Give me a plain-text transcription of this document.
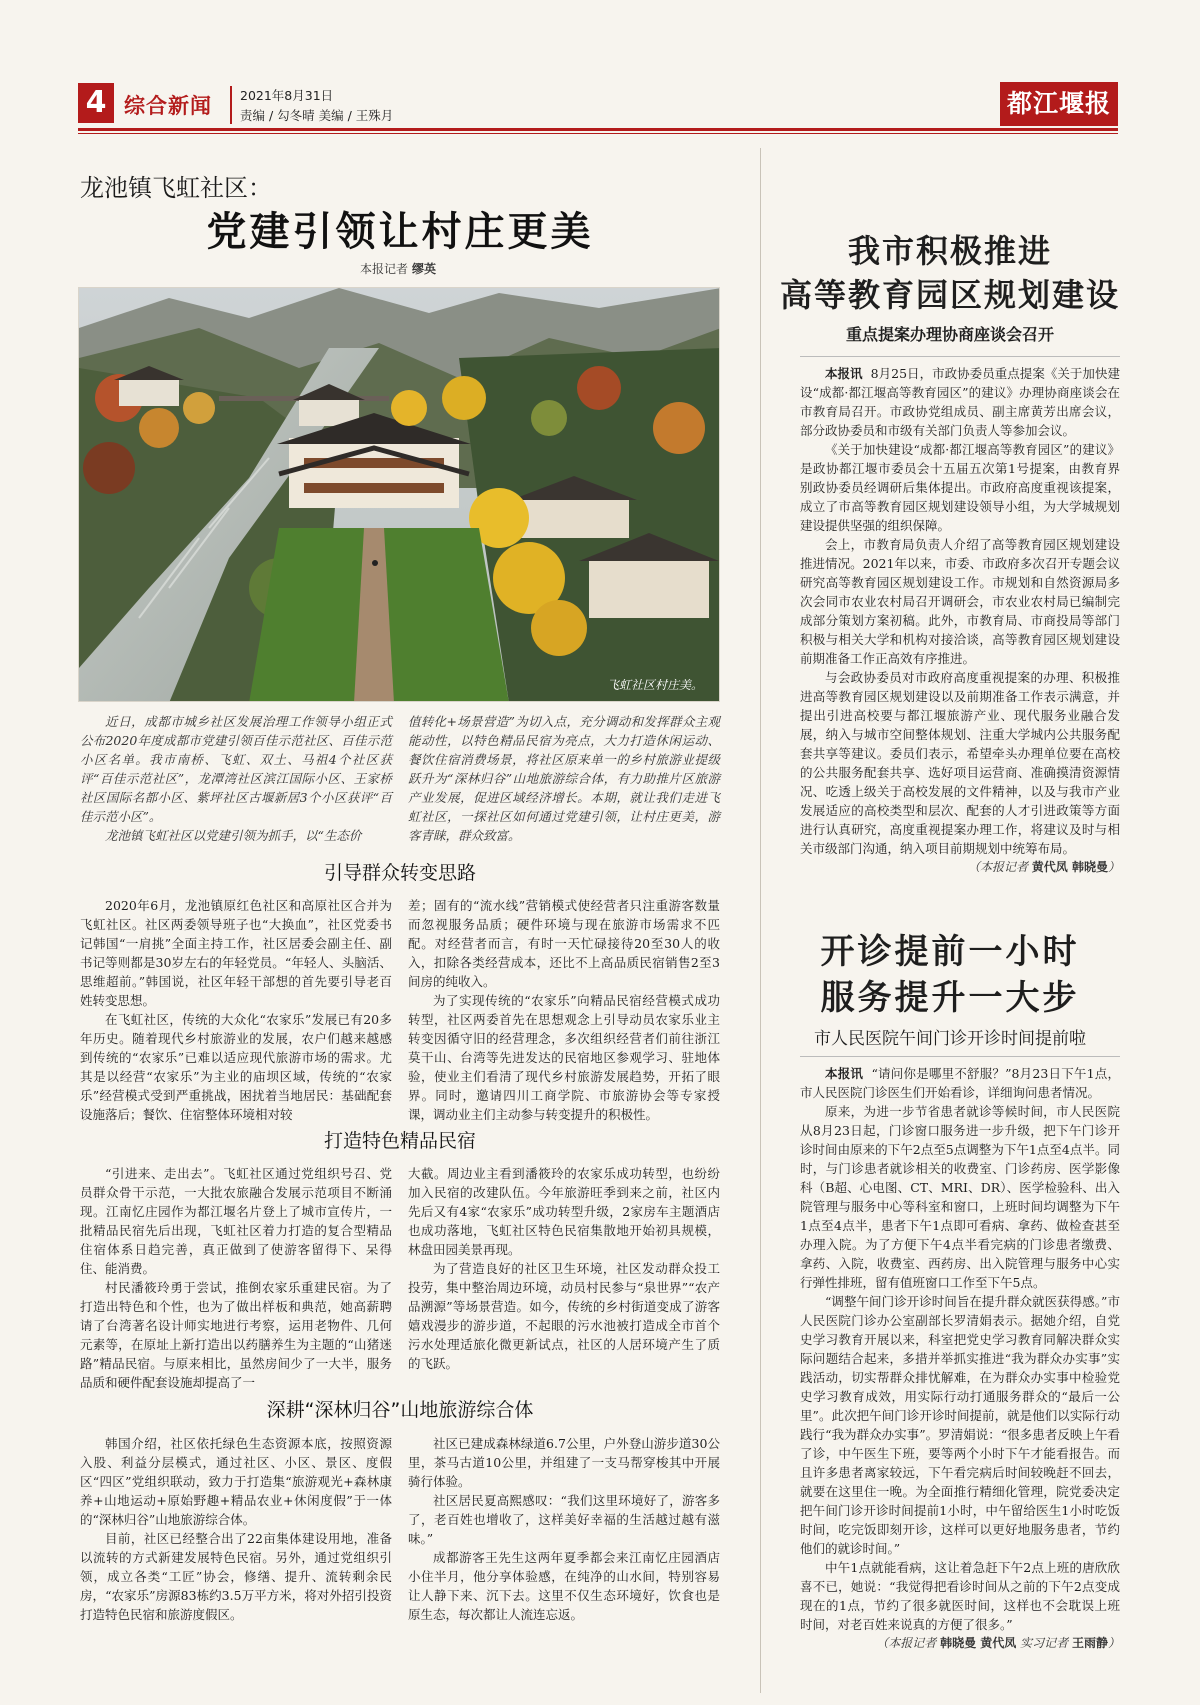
4 综合新闻 2021年8月31日
责编 / 勾冬晴 美编 / 王殊月	都江堰报
龙池镇飞虹社区：
党建引领让村庄更美
本报记者 缪英
飞虹社区村庄美。

近日，成都市城乡社区发展治理工作领导小组正式公布2020年度成都市党建引领百佳示范社区、百佳示范小区名单。我市南桥、飞虹、双土、马祖4个社区获评“百佳示范社区”，龙潭湾社区滨江国际小区、王家桥社区国际名都小区、紫坪社区古堰新居3个小区获评“百佳示范小区”。

龙池镇飞虹社区以党建引领为抓手，以“生态价

值转化+场景营造”为切入点，充分调动和发挥群众主观能动性，以特色精品民宿为亮点，大力打造休闲运动、餐饮住宿消费场景，将社区原来单一的乡村旅游业提级跃升为“深林归谷”山地旅游综合体，有力助推片区旅游产业发展，促进区域经济增长。本期，就让我们走进飞虹社区，一探社区如何通过党建引领，让村庄更美，游客青睐，群众致富。

引导群众转变思路

2020年6月，龙池镇原红色社区和高原社区合并为飞虹社区。社区两委领导班子也“大换血”，社区党委书记韩国“一肩挑”全面主持工作，社区居委会副主任、副书记等则都是30岁左右的年轻党员。“年轻人、头脑活、思维超前。”韩国说，社区年轻干部想的首先要引导老百姓转变思想。

在飞虹社区，传统的大众化“农家乐”发展已有20多年历史。随着现代乡村旅游业的发展，农户们越来越感到传统的“农家乐”已难以适应现代旅游市场的需求。尤其是以经营“农家乐”为主业的庙坝区域，传统的“农家乐”经营模式受到严重挑战，困扰着当地居民：基础配套设施落后；餐饮、住宿整体环境相对较

差；固有的“流水线”营销模式使经营者只注重游客数量而忽视服务品质；硬件环境与现在旅游市场需求不匹配。对经营者而言，有时一天忙碌接待20至30人的收入，扣除各类经营成本，还比不上高品质民宿销售2至3间房的纯收入。

为了实现传统的“农家乐”向精品民宿经营模式成功转型，社区两委首先在思想观念上引导动员农家乐业主转变因循守旧的经营理念，多次组织经营者们前往浙江莫干山、台湾等先进发达的民宿地区参观学习、驻地体验，使业主们看清了现代乡村旅游发展趋势，开拓了眼界。同时，邀请四川工商学院、市旅游协会等专家授课，调动业主们主动参与转变提升的积极性。

打造特色精品民宿

“引进来、走出去”。飞虹社区通过党组织号召、党员群众骨干示范，一大批农旅融合发展示范项目不断涌现。江南忆庄园作为都江堰名片登上了城市宣传片，一批精品民宿先后出现，飞虹社区着力打造的复合型精品住宿体系日趋完善，真正做到了使游客留得下、呆得住、能消费。

村民潘筱玲勇于尝试，推倒农家乐重建民宿。为了打造出特色和个性，也为了做出样板和典范，她高薪聘请了台湾著名设计师实地进行考察，运用老物件、几何元素等，在原址上新打造出以药膳养生为主题的“山猪迷路”精品民宿。与原来相比，虽然房间少了一大半，服务品质和硬件配套设施却提高了一

大截。周边业主看到潘筱玲的农家乐成功转型，也纷纷加入民宿的改建队伍。今年旅游旺季到来之前，社区内先后又有4家“农家乐”成功转型升级，2家房车主题酒店也成功落地，飞虹社区特色民宿集散地开始初具规模，林盘田园美景再现。

为了营造良好的社区卫生环境，社区发动群众投工投劳，集中整治周边环境，动员村民参与“泉世界”“农产品溯源”等场景营造。如今，传统的乡村街道变成了游客嬉戏漫步的游步道，不起眼的污水池被打造成全市首个污水处理适旅化微更新试点，社区的人居环境产生了质的飞跃。

深耕“深林归谷”山地旅游综合体

韩国介绍，社区依托绿色生态资源本底，按照资源入股、利益分层模式，通过社区、小区、景区、度假区“四区”党组织联动，致力于打造集“旅游观光+森林康养+山地运动+原始野趣+精品农业+休闲度假”于一体的“深林归谷”山地旅游综合体。

目前，社区已经整合出了22亩集体建设用地，准备以流转的方式新建发展特色民宿。另外，通过党组织引领，成立各类“工匠”协会，修缮、提升、流转剩余民房，“农家乐”房源83栋约3.5万平方米，将对外招引投资打造特色民宿和旅游度假区。

社区已建成森林绿道6.7公里，户外登山游步道30公里，茶马古道10公里，并组建了一支马帮穿梭其中开展骑行体验。

社区居民夏高熙感叹：“我们这里环境好了，游客多了，老百姓也增收了，这样美好幸福的生活越过越有滋味。”

成都游客王先生这两年夏季都会来江南忆庄园酒店小住半月，他分享体验感，在纯净的山水间，特别容易让人静下来、沉下去。这里不仅生态环境好，饮食也是原生态，每次都让人流连忘返。

我市积极推进
高等教育园区规划建设
重点提案办理协商座谈会召开

本报讯 8月25日，市政协委员重点提案《关于加快建设“成都·都江堰高等教育园区”的建议》办理协商座谈会在市教育局召开。市政协党组成员、副主席黄芳出席会议，部分政协委员和市级有关部门负责人等参加会议。

《关于加快建设“成都·都江堰高等教育园区”的建议》是政协都江堰市委员会十五届五次第1号提案，由教育界别政协委员经调研后集体提出。市政府高度重视该提案，成立了市高等教育园区规划建设领导小组，为大学城规划建设提供坚强的组织保障。

会上，市教育局负责人介绍了高等教育园区规划建设推进情况。2021年以来，市委、市政府多次召开专题会议研究高等教育园区规划建设工作。市规划和自然资源局多次会同市农业农村局召开调研会，市农业农村局已编制完成部分策划方案初稿。此外，市教育局、市商投局等部门积极与相关大学和机构对接洽谈，高等教育园区规划建设前期准备工作正高效有序推进。

与会政协委员对市政府高度重视提案的办理、积极推进高等教育园区规划建设以及前期准备工作表示满意，并提出引进高校要与都江堰旅游产业、现代服务业融合发展，纳入与城市空间整体规划、注重大学城内公共服务配套共享等建议。委员们表示，希望牵头办理单位要在高校的公共服务配套共享、选好项目运营商、准确摸清资源情况、吃透上级关于高校发展的文件精神，以及与我市产业发展适应的高校类型和层次、配套的人才引进政策等方面进行认真研究，高度重视提案办理工作，将建议及时与相关市级部门沟通，纳入项目前期规划中统筹布局。

（本报记者 黄代凤 韩晓曼）
开诊提前一小时
服务提升一大步
市人民医院午间门诊开诊时间提前啦

本报讯 “请问你是哪里不舒服？”8月23日下午1点，市人民医院门诊医生们开始看诊，详细询问患者情况。

原来，为进一步节省患者就诊等候时间，市人民医院从8月23日起，门诊窗口服务进一步升级，把下午门诊开诊时间由原来的下午2点至5点调整为下午1点至4点半。同时，与门诊患者就诊相关的收费室、门诊药房、医学影像科（B超、心电图、CT、MRI、DR）、医学检验科、出入院管理与服务中心等科室和窗口，上班时间均调整为下午1点至4点半，患者下午1点即可看病、拿药、做检查甚至办理入院。为了方便下午4点半看完病的门诊患者缴费、拿药、入院，收费室、西药房、出入院管理与服务中心实行弹性排班，留有值班窗口工作至下午5点。

“调整午间门诊开诊时间旨在提升群众就医获得感。”市人民医院门诊办公室副部长罗清娟表示。据她介绍，自党史学习教育开展以来，科室把党史学习教育同解决群众实际问题结合起来，多措并举抓实推进“我为群众办实事”实践活动，切实帮群众排忧解难，在为群众办实事中检验党史学习教育成效，用实际行动打通服务群众的“最后一公里”。此次把午间门诊开诊时间提前，就是他们以实际行动践行“我为群众办实事”。罗清娟说：“很多患者反映上午看了诊，中午医生下班，要等两个小时下午才能看报告。而且许多患者离家较远，下午看完病后时间较晚赶不回去，就要在这里住一晚。为全面推行精细化管理，院党委决定把午间门诊开诊时间提前1小时，中午留给医生1小时吃饭时间，吃完饭即刻开诊，这样可以更好地服务患者，节约他们的就诊时间。”

中午1点就能看病，这让着急赶下午2点上班的唐欣欣喜不已，她说：“我觉得把看诊时间从之前的下午2点变成现在的1点，节约了很多就医时间，这样也不会耽误上班时间，对老百姓来说真的方便了很多。”

（本报记者 韩晓曼 黄代凤 实习记者 王雨静）
